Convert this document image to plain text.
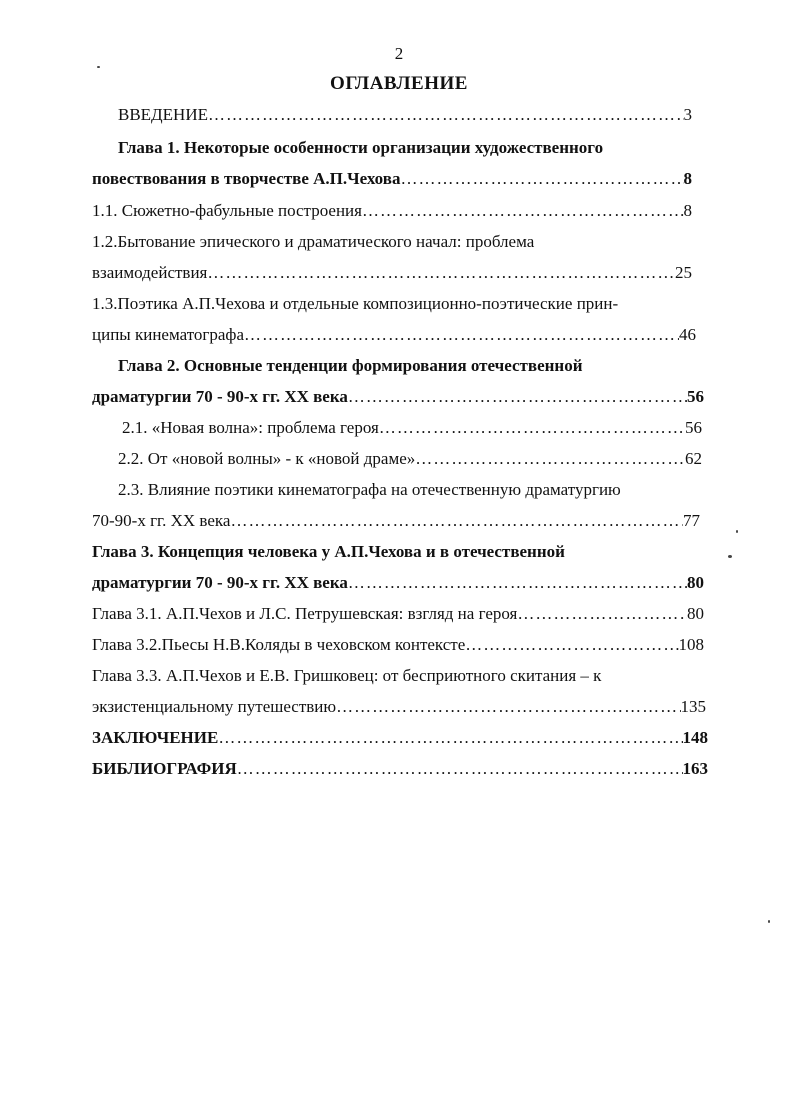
2
ОГЛАВЛЕНИЕ
ВВЕДЕНИЕ …………………………………………………………………………………………………………………………………………………………………………………………………	3
Глава 1. Некоторые особенности организации художественного
повествования в творчестве А.П.Чехова …………………………………………………………………………………………………………………………………………………………………………………………………	8
1.1. Сюжетно-фабульные построения …………………………………………………………………………………………………………………………………………………………………………………………………	8
1.2.Бытование эпического и драматического начал: проблема
взаимодействия …………………………………………………………………………………………………………………………………………………………………………………………………	25
1.3.Поэтика А.П.Чехова и отдельные композиционно-поэтические прин-
ципы кинематографа …………………………………………………………………………………………………………………………………………………………………………………………………	46
Глава 2. Основные тенденции формирования отечественной
драматургии 70 - 90-х гг. XX века …………………………………………………………………………………………………………………………………………………………………………………………………	56
2.1. «Новая волна»: проблема героя …………………………………………………………………………………………………………………………………………………………………………………………………	56
2.2. От «новой волны» - к «новой драме» …………………………………………………………………………………………………………………………………………………………………………………………………	62
2.3. Влияние поэтики кинематографа на отечественную драматургию
70-90-х гг. XX века …………………………………………………………………………………………………………………………………………………………………………………………………	77
Глава 3. Концепция человека у А.П.Чехова и в отечественной
драматургии 70 - 90-х гг. XX века …………………………………………………………………………………………………………………………………………………………………………………………………	80
Глава 3.1. А.П.Чехов и Л.С. Петрушевская: взгляд на героя …………………………………………………………………………………………………………………………………………………………………………………………………	80
Глава 3.2.Пьесы Н.В.Коляды в чеховском контексте …………………………………………………………………………………………………………………………………………………………………………………………………	108
Глава 3.3. А.П.Чехов и Е.В. Гришковец: от бесприютного скитания – к
экзистенциальному путешествию …………………………………………………………………………………………………………………………………………………………………………………………………	135
ЗАКЛЮЧЕНИЕ …………………………………………………………………………………………………………………………………………………………………………………………………	148
БИБЛИОГРАФИЯ …………………………………………………………………………………………………………………………………………………………………………………………………	163
